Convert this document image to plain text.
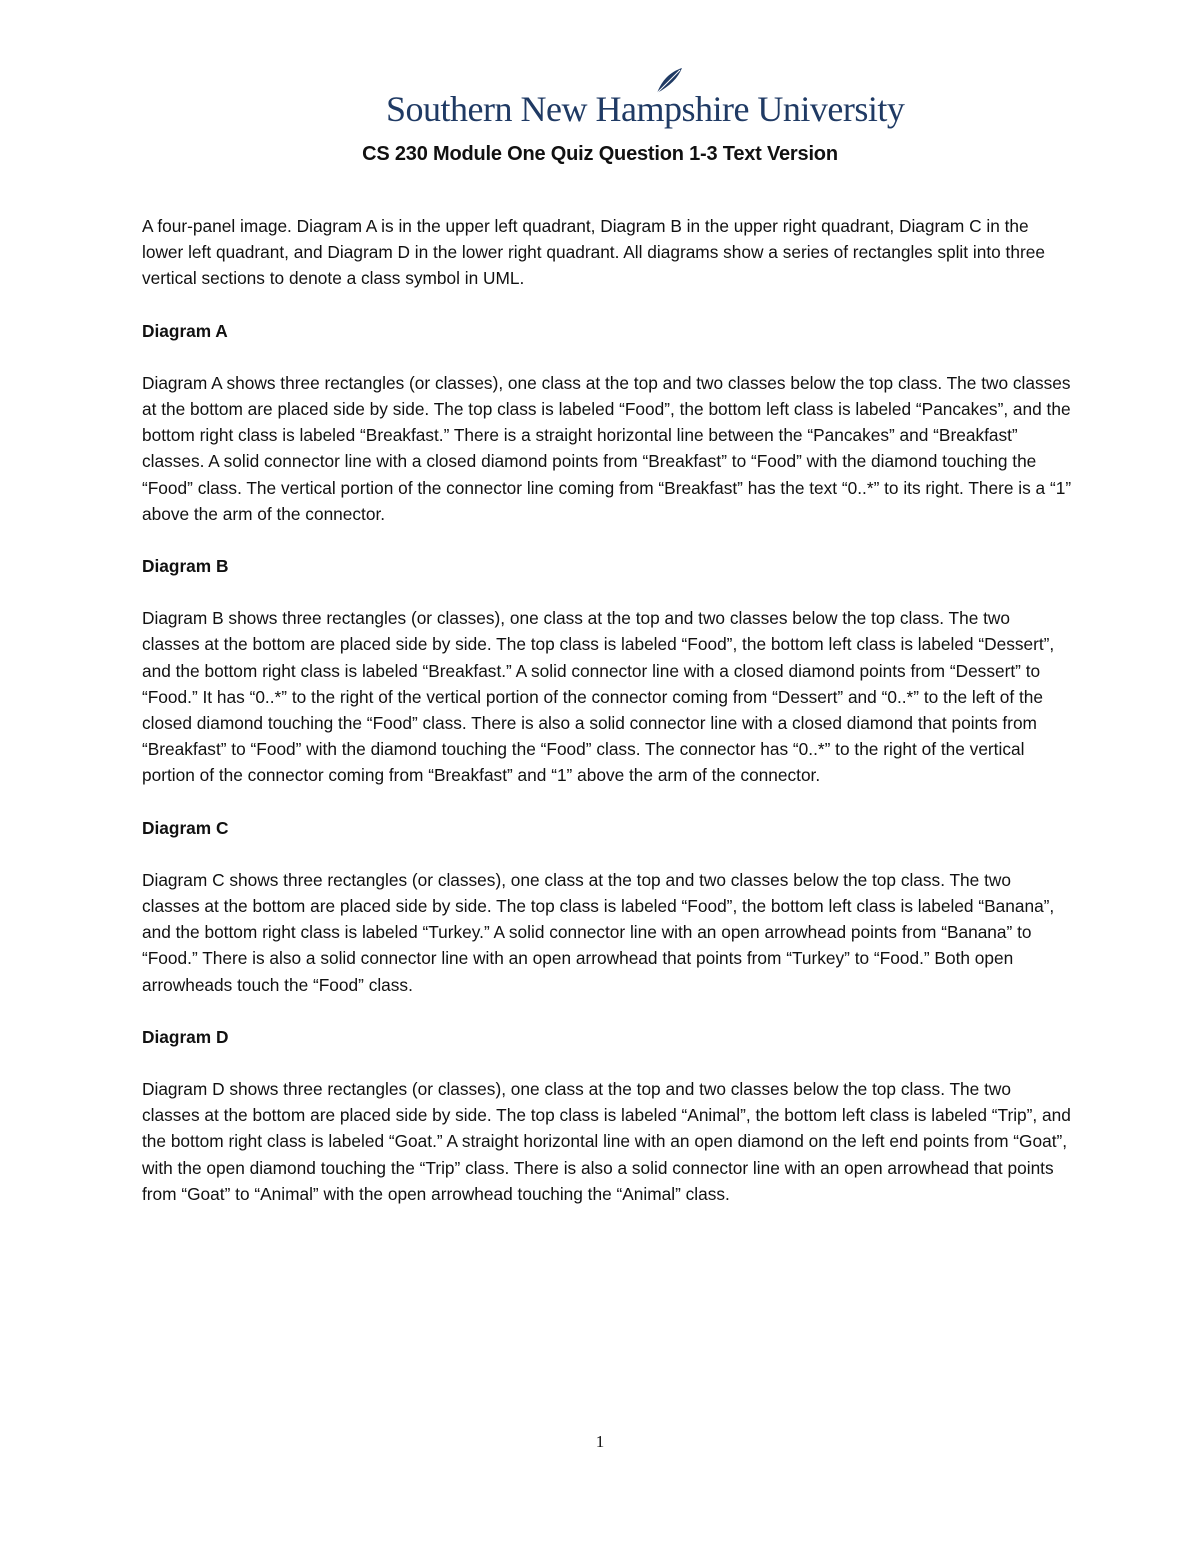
Southern New Hampshire University
CS 230 Module One Quiz Question 1-3 Text Version

A four-panel image. Diagram A is in the upper left quadrant, Diagram B in the upper right quadrant, Diagram C in the lower left quadrant, and Diagram D in the lower right quadrant. All diagrams show a series of rectangles split into three vertical sections to denote a class symbol in UML.

Diagram A

Diagram A shows three rectangles (or classes), one class at the top and two classes below the top class. The two classes at the bottom are placed side by side. The top class is labeled “Food”, the bottom left class is labeled “Pancakes”, and the bottom right class is labeled “Breakfast.” There is a straight horizontal line between the “Pancakes” and “Breakfast” classes. A solid connector line with a closed diamond points from “Breakfast” to “Food” with the diamond touching the “Food” class. The vertical portion of the connector line coming from “Breakfast” has the text “0..*” to its right. There is a “1” above the arm of the connector.

Diagram B

Diagram B shows three rectangles (or classes), one class at the top and two classes below the top class. The two classes at the bottom are placed side by side. The top class is labeled “Food”, the bottom left class is labeled “Dessert”, and the bottom right class is labeled “Breakfast.” A solid connector line with a closed diamond points from “Dessert” to “Food.” It has “0..*” to the right of the vertical portion of the connector coming from “Dessert” and “0..*” to the left of the closed diamond touching the “Food” class. There is also a solid connector line with a closed diamond that points from “Breakfast” to “Food” with the diamond touching the “Food” class. The connector has “0..*” to the right of the vertical portion of the connector coming from “Breakfast” and “1” above the arm of the connector.

Diagram C

Diagram C shows three rectangles (or classes), one class at the top and two classes below the top class. The two classes at the bottom are placed side by side. The top class is labeled “Food”, the bottom left class is labeled “Banana”, and the bottom right class is labeled “Turkey.” A solid connector line with an open arrowhead points from “Banana” to “Food.” There is also a solid connector line with an open arrowhead that points from “Turkey” to “Food.” Both open arrowheads touch the “Food” class.

Diagram D

Diagram D shows three rectangles (or classes), one class at the top and two classes below the top class. The two classes at the bottom are placed side by side. The top class is labeled “Animal”, the bottom left class is labeled “Trip”, and the bottom right class is labeled “Goat.” A straight horizontal line with an open diamond on the left end points from “Goat”, with the open diamond touching the “Trip” class. There is also a solid connector line with an open arrowhead that points from “Goat” to “Animal” with the open arrowhead touching the “Animal” class.

1
